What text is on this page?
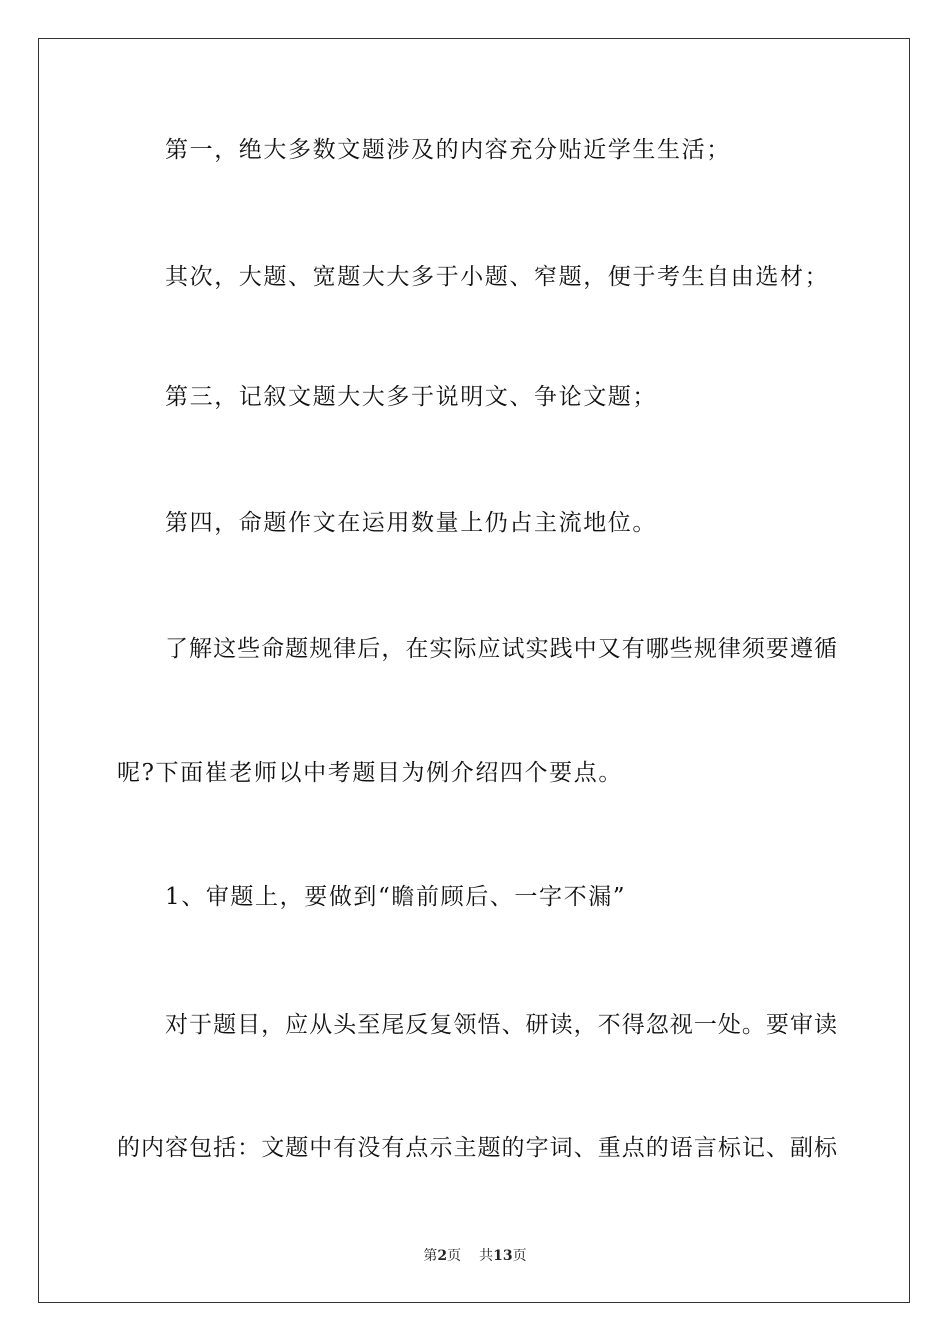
第一，绝大多数文题涉及的内容充分贴近学生生活；
其次，大题、宽题大大多于小题、窄题，便于考生自由选材；
第三，记叙文题大大多于说明文、争论文题；
第四，命题作文在运用数量上仍占主流地位。
了解这些命题规律后，在实际应试实践中又有哪些规律须要遵循
呢?下面崔老师以中考题目为例介绍四个要点。
1、审题上，要做到“瞻前顾后、一字不漏”
对于题目，应从头至尾反复领悟、研读，不得忽视一处。要审读
的内容包括：文题中有没有点示主题的字词、重点的语言标记、副标
第2页 共13页
